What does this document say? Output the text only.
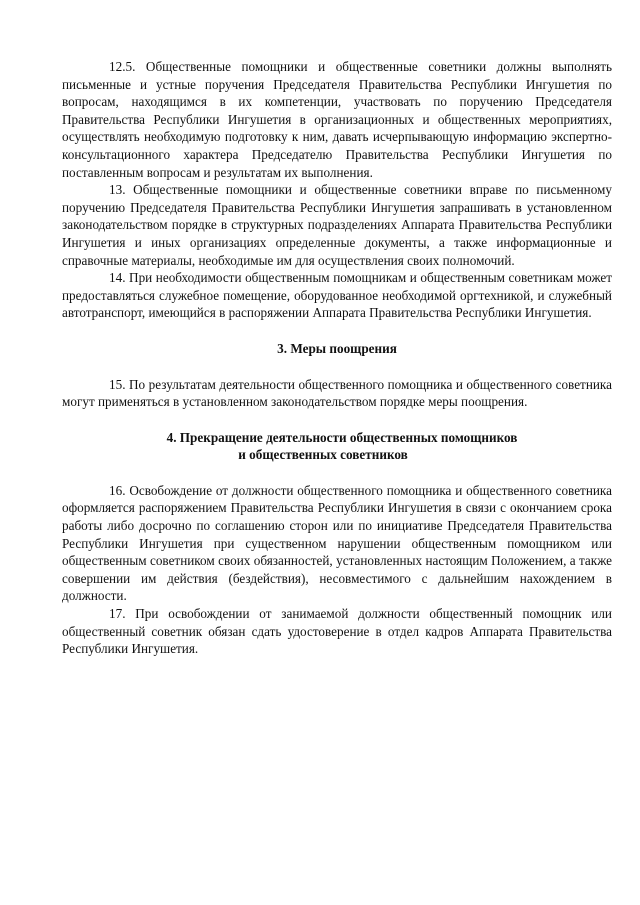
12.5. Общественные помощники и общественные советники должны выполнять письменные и устные поручения Председателя Правительства Республики Ингушетия по вопросам, находящимся в их компетенции, участвовать по поручению Председателя Правительства Республики Ингушетия в организационных и общественных мероприятиях, осуществлять необходимую подготовку к ним, давать исчерпывающую информацию экспертно-консультационного характера Председателю Правительства Республики Ингушетия по поставленным вопросам и результатам их выполнения.

13. Общественные помощники и общественные советники вправе по письменному поручению Председателя Правительства Республики Ингушетия запрашивать в установленном законодательством порядке в структурных подразделениях Аппарата Правительства Республики Ингушетия и иных организациях определенные документы, а также информационные и справочные материалы, необходимые им для осуществления своих полномочий.

14. При необходимости общественным помощникам и общественным советникам может предоставляться служебное помещение, оборудованное необходимой оргтехникой, и служебный автотранспорт, имеющийся в распоряжении Аппарата Правительства Республики Ингушетия.

3. Меры поощрения

15. По результатам деятельности общественного помощника и общественного советника могут применяться в установленном законодательством порядке меры поощрения.

4. Прекращение деятельности общественных помощников
и общественных советников

16. Освобождение от должности общественного помощника и общественного советника оформляется распоряжением Правительства Республики Ингушетия в связи с окончанием срока работы либо досрочно по соглашению сторон или по инициативе Председателя Правительства Республики Ингушетия при существенном нарушении общественным помощником или общественным советником своих обязанностей, установленных настоящим Положением, а также совершении им действия (бездействия), несовместимого с дальнейшим нахождением в должности.

17. При освобождении от занимаемой должности общественный помощник или общественный советник обязан сдать удостоверение в отдел кадров Аппарата Правительства Республики Ингушетия.
